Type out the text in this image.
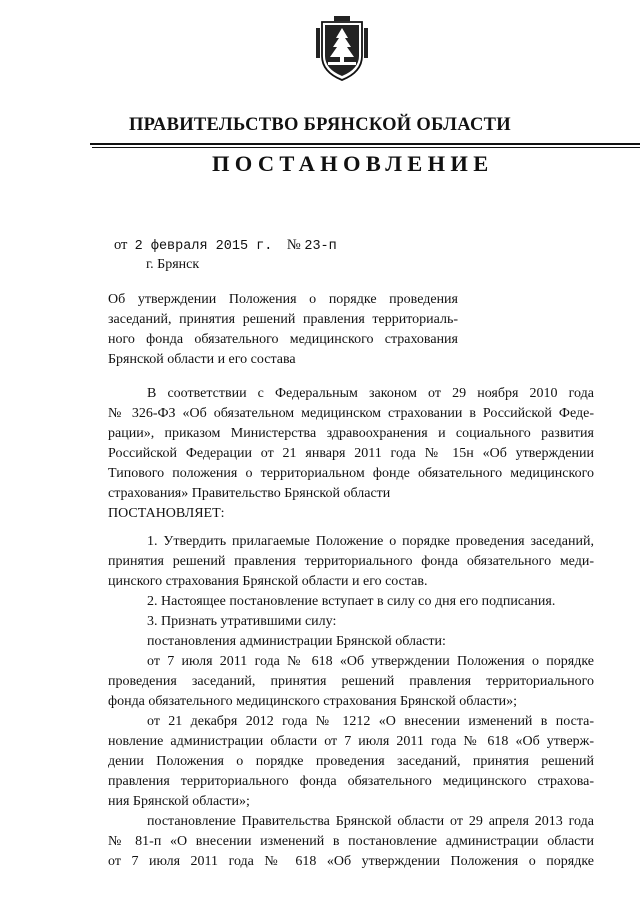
ПРАВИТЕЛЬСТВО БРЯНСКОЙ ОБЛАСТИ
ПОСТАНОВЛЕНИЕ
от 2 февраля 2015 г. № 23-п
г. Брянск
Об утверждении Положения о порядке проведения
заседаний, принятия решений правления территориаль-
ного фонда обязательного медицинского страхования
Брянской области и его состава
В соответствии с Федеральным законом от 29 ноября 2010 года
№ 326-ФЗ «Об обязательном медицинском страховании в Российской Феде-
рации», приказом Министерства здравоохранения и социального развития
Российской Федерации от 21 января 2011 года № 15н «Об утверждении
Типового положения о территориальном фонде обязательного медицинского
страхования» Правительство Брянской области
ПОСТАНОВЛЯЕТ:
1. Утвердить прилагаемые Положение о порядке проведения заседаний,
принятия решений правления территориального фонда обязательного меди-
цинского страхования Брянской области и его состав.
2. Настоящее постановление вступает в силу со дня его подписания.
3. Признать утратившими силу:
постановления администрации Брянской области:
от 7 июля 2011 года № 618 «Об утверждении Положения о порядке
проведения заседаний, принятия решений правления территориального
фонда обязательного медицинского страхования Брянской области»;
от 21 декабря 2012 года № 1212 «О внесении изменений в поста-
новление администрации области от 7 июля 2011 года № 618 «Об утверж-
дении Положения о порядке проведения заседаний, принятия решений
правления территориального фонда обязательного медицинского страхова-
ния Брянской области»;
постановление Правительства Брянской области от 29 апреля 2013 года
№ 81-п «О внесении изменений в постановление администрации области
от 7 июля 2011 года № 618 «Об утверждении Положения о порядке
